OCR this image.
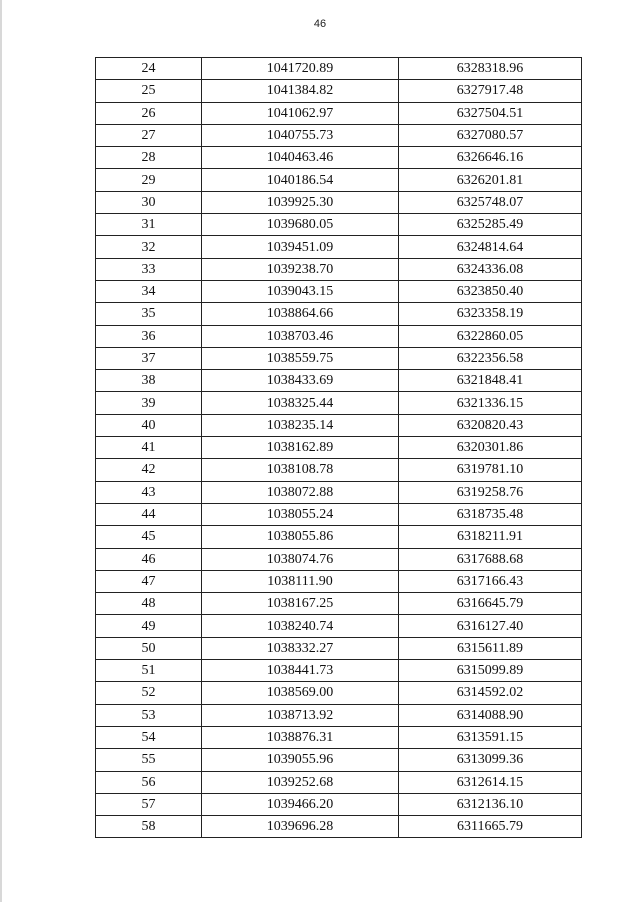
46
24	1041720.89	6328318.96
25	1041384.82	6327917.48
26	1041062.97	6327504.51
27	1040755.73	6327080.57
28	1040463.46	6326646.16
29	1040186.54	6326201.81
30	1039925.30	6325748.07
31	1039680.05	6325285.49
32	1039451.09	6324814.64
33	1039238.70	6324336.08
34	1039043.15	6323850.40
35	1038864.66	6323358.19
36	1038703.46	6322860.05
37	1038559.75	6322356.58
38	1038433.69	6321848.41
39	1038325.44	6321336.15
40	1038235.14	6320820.43
41	1038162.89	6320301.86
42	1038108.78	6319781.10
43	1038072.88	6319258.76
44	1038055.24	6318735.48
45	1038055.86	6318211.91
46	1038074.76	6317688.68
47	1038111.90	6317166.43
48	1038167.25	6316645.79
49	1038240.74	6316127.40
50	1038332.27	6315611.89
51	1038441.73	6315099.89
52	1038569.00	6314592.02
53	1038713.92	6314088.90
54	1038876.31	6313591.15
55	1039055.96	6313099.36
56	1039252.68	6312614.15
57	1039466.20	6312136.10
58	1039696.28	6311665.79
